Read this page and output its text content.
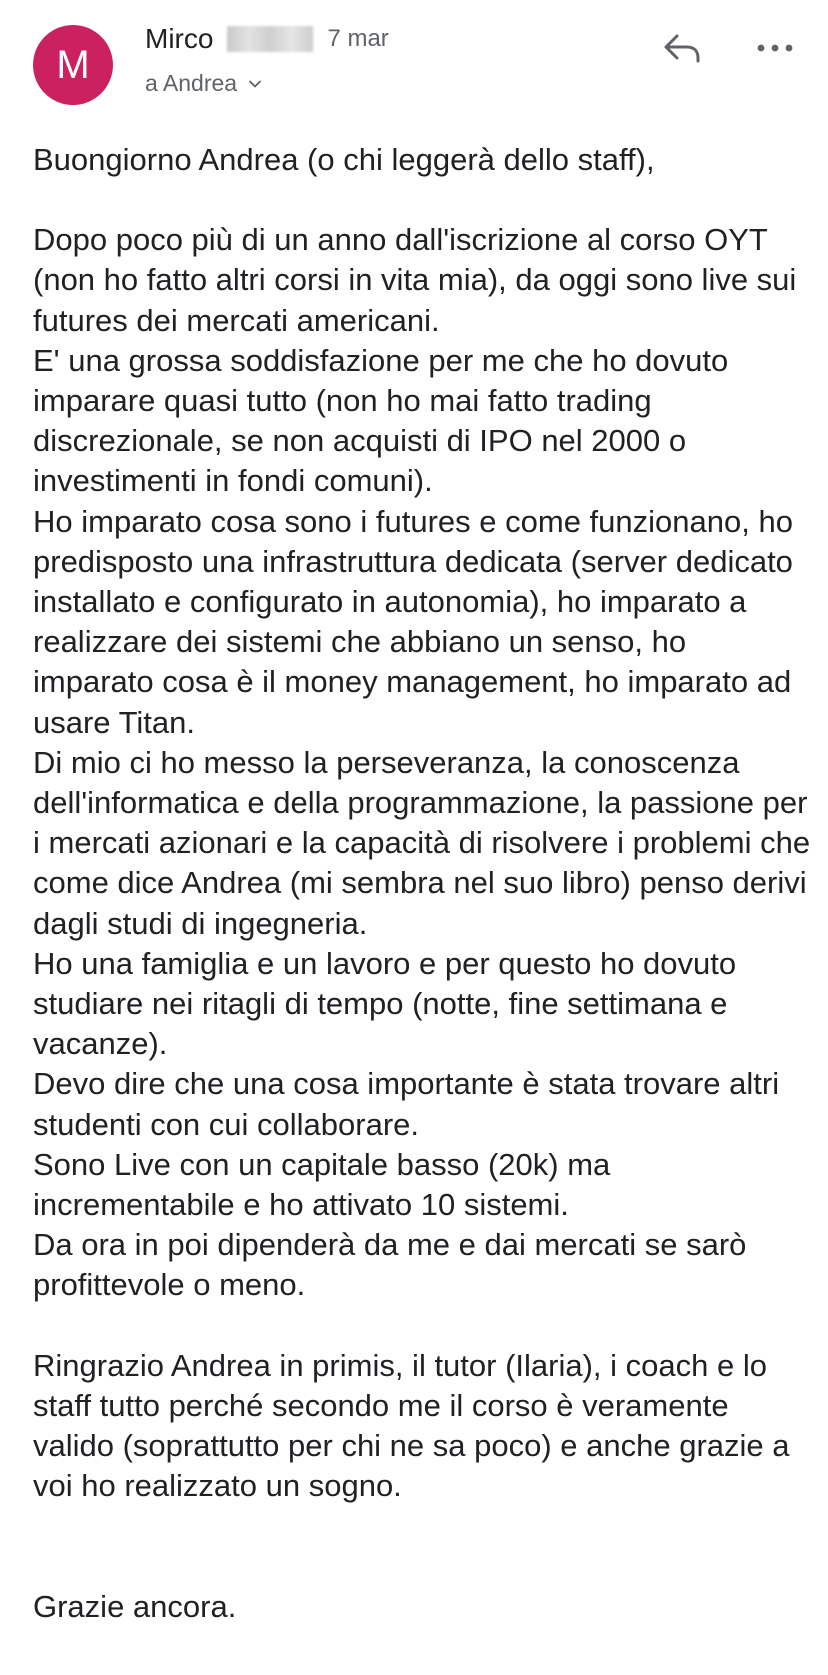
M
Mirco	7 mar
a Andrea

Buongiorno Andrea (o chi leggerà dello staff),

Dopo poco più di un anno dall'iscrizione al corso OYT (non ho fatto altri corsi in vita mia), da oggi sono live sui futures dei mercati americani.

E' una grossa soddisfazione per me che ho dovuto imparare quasi tutto (non ho mai fatto trading discrezionale, se non acquisti di IPO nel 2000 o investimenti in fondi comuni).

Ho imparato cosa sono i futures e come funzionano, ho predisposto una infrastruttura dedicata (server dedicato installato e configurato in autonomia), ho imparato a realizzare dei sistemi che abbiano un senso, ho imparato cosa è il money management, ho imparato ad usare Titan.

Di mio ci ho messo la perseveranza, la conoscenza dell'informatica e della programmazione, la passione per i mercati azionari e la capacità di risolvere i problemi che come dice Andrea (mi sembra nel suo libro) penso derivi dagli studi di ingegneria.

Ho una famiglia e un lavoro e per questo ho dovuto studiare nei ritagli di tempo (notte, fine settimana e vacanze).

Devo dire che una cosa importante è stata trovare altri studenti con cui collaborare.

Sono Live con un capitale basso (20k) ma incrementabile e ho attivato 10 sistemi.

Da ora in poi dipenderà da me e dai mercati se sarò profittevole o meno.

Ringrazio Andrea in primis, il tutor (Ilaria), i coach e lo staff tutto perché secondo me il corso è veramente valido (soprattutto per chi ne sa poco) e anche grazie a voi ho realizzato un sogno.

Grazie ancora.
